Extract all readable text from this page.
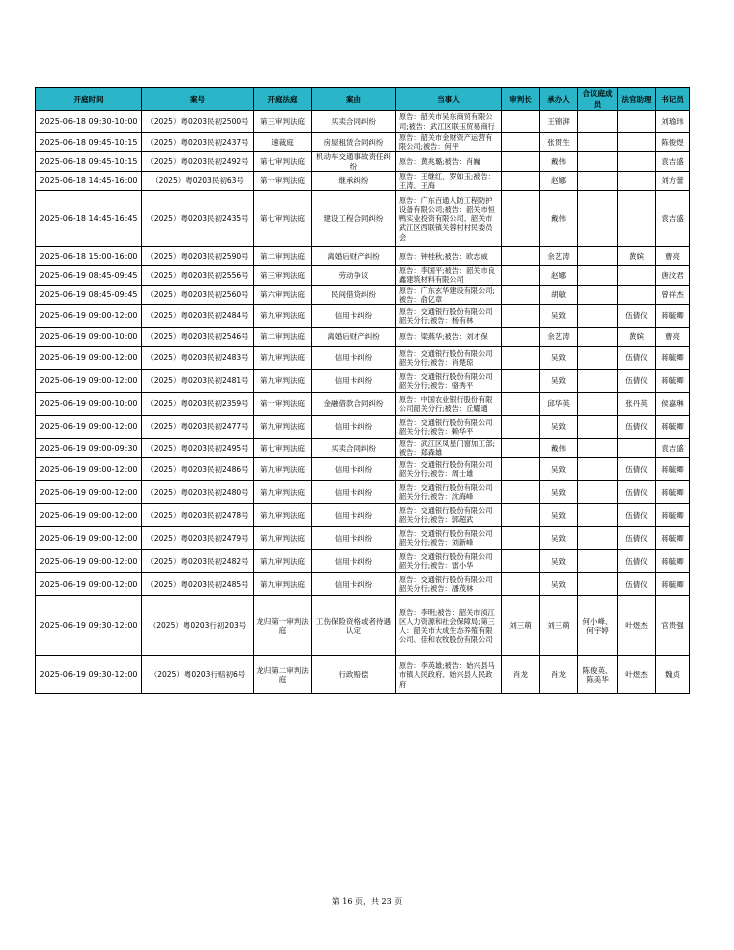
开庭时间	案号	开庭法庭	案由	当事人	审判长	承办人	合议庭成员	法官助理	书记员
2025-06-18 09:30-10:00	（2025）粤0203民初2500号	第三审判法庭	买卖合同纠纷	原告：韶关市吴东商贸有限公司;被告：武江区联玉贸易商行		王锦湃			刘瑜玮
2025-06-18 09:45-10:15	（2025）粤0203民初2437号	速裁庭	房屋租赁合同纠纷	原告：韶关市金财资产运营有限公司;被告：何平		张贯生			陈俊煜
2025-06-18 09:45-10:15	（2025）粤0203民初2492号	第七审判法庭	机动车交通事故责任纠纷	原告：黄兆璐;被告：肖巍		戴伟			袁吉盛
2025-06-18 14:45-16:00	（2025）粤0203民初63号	第一审判法庭	继承纠纷	原告：王继红、罗如玉;被告：王涛、王海		赵娜			刘方蕾
2025-06-18 14:45-16:45	（2025）粤0203民初2435号	第七审判法庭	建设工程合同纠纷	原告：广东百通人防工程防护设备有限公司;被告：韶关市恒鸭实业投资有限公司、韶关市武江区西联镇关蓉村村民委员会		戴伟			袁吉盛
2025-06-18 15:00-16:00	（2025）粤0203民初2590号	第二审判法庭	离婚后财产纠纷	原告：钟桂秋;被告：欧志威		余艺涛		黄嫔	曹亮
2025-06-19 08:45-09:45	（2025）粤0203民初2556号	第三审判法庭	劳动争议	原告：李国平;被告：韶关市良鑫建筑材料有限公司		赵娜			唐汶君
2025-06-19 08:45-09:45	（2025）粤0203民初2560号	第六审判法庭	民间借贷纠纷	原告：广东玄华建设有限公司;被告：俞亿章		胡敏			曾祥杰
2025-06-19 09:00-12:00	（2025）粤0203民初2484号	第九审判法庭	信用卡纠纷	原告：交通银行股份有限公司韶关分行;被告：杨有林		吴致		伍倩仪	蒋毓卿
2025-06-19 09:00-10:00	（2025）粤0203民初2546号	第二审判法庭	离婚后财产纠纷	原告：梁燕华;被告：刘才保		余艺涛		黄嫔	曹亮
2025-06-19 09:00-12:00	（2025）粤0203民初2483号	第九审判法庭	信用卡纠纷	原告：交通银行股份有限公司韶关分行;被告：肖楚琼		吴致		伍倩仪	蒋毓卿
2025-06-19 09:00-12:00	（2025）粤0203民初2481号	第九审判法庭	信用卡纠纷	原告：交通银行股份有限公司韶关分行;被告：骆秀平		吴致		伍倩仪	蒋毓卿
2025-06-19 09:00-10:00	（2025）粤0203民初2359号	第一审判法庭	金融借款合同纠纷	原告：中国农业银行股份有限公司韶关分行;被告：丘耀通		邱华英		张丹英	侯嘉琳
2025-06-19 09:00-12:00	（2025）粤0203民初2477号	第九审判法庭	信用卡纠纷	原告：交通银行股份有限公司韶关分行;被告：赖华平		吴致		伍倩仪	蒋毓卿
2025-06-19 09:00-09:30	（2025）粤0203民初2495号	第七审判法庭	买卖合同纠纷	原告：武江区凤星门窗加工部;被告：郑森雄		戴伟			袁吉盛
2025-06-19 09:00-12:00	（2025）粤0203民初2486号	第九审判法庭	信用卡纠纷	原告：交通银行股份有限公司韶关分行;被告：周士雄		吴致		伍倩仪	蒋毓卿
2025-06-19 09:00-12:00	（2025）粤0203民初2480号	第九审判法庭	信用卡纠纷	原告：交通银行股份有限公司韶关分行;被告：沈海峰		吴致		伍倩仪	蒋毓卿
2025-06-19 09:00-12:00	（2025）粤0203民初2478号	第九审判法庭	信用卡纠纷	原告：交通银行股份有限公司韶关分行;被告：郭超武		吴致		伍倩仪	蒋毓卿
2025-06-19 09:00-12:00	（2025）粤0203民初2479号	第九审判法庭	信用卡纠纷	原告：交通银行股份有限公司韶关分行;被告：刘新峰		吴致		伍倩仪	蒋毓卿
2025-06-19 09:00-12:00	（2025）粤0203民初2482号	第九审判法庭	信用卡纠纷	原告：交通银行股份有限公司韶关分行;被告：雷小华		吴致		伍倩仪	蒋毓卿
2025-06-19 09:00-12:00	（2025）粤0203民初2485号	第九审判法庭	信用卡纠纷	原告：交通银行股份有限公司韶关分行;被告：潘茂林		吴致		伍倩仪	蒋毓卿
2025-06-19 09:30-12:00	（2025）粤0203行初203号	龙归第一审判法庭	工伤保险资格或者待遇认定	原告：李明;被告：韶关市浈江区人力资源和社会保障局;第三人：韶关市大成生态养殖有限公司、佳和农牧股份有限公司	刘三萌	刘三萌	何小峰、何宇婷	叶煜杰	官贵强
2025-06-19 09:30-12:00	（2025）粤0203行赔初6号	龙归第二审判法庭	行政赔偿	原告：李英雄;被告：始兴县马市镇人民政府、始兴县人民政府	肖龙	肖龙	陈俊英、陈美华	叶煜杰	魏贞
第 16 页，共 23 页
